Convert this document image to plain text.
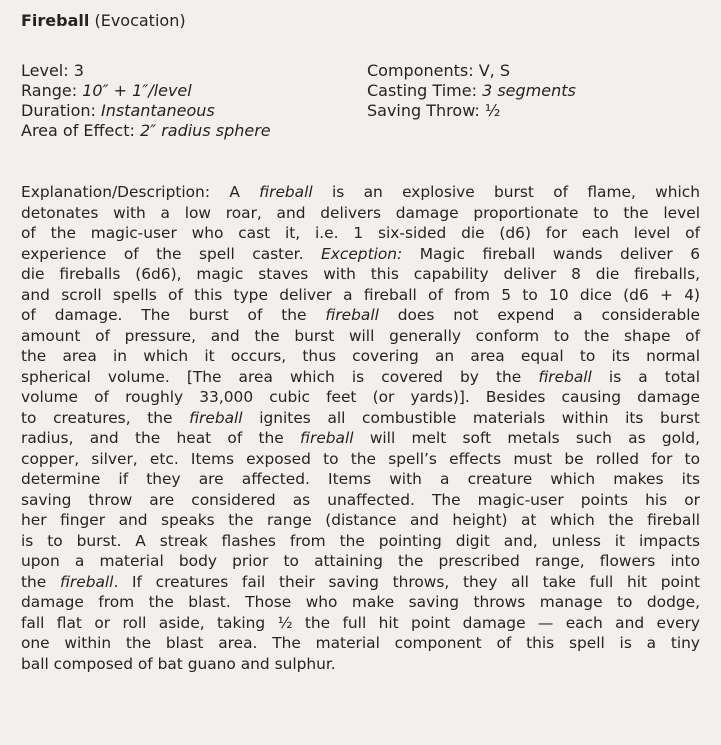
Fireball (Evocation)
Level: 3
Range: 10″ + 1″/level
Duration: Instantaneous
Area of Effect: 2″ radius sphere
Components: V, S
Casting Time: 3 segments
Saving Throw: ½
Explanation/Description: A fireball is an explosive burst of flame, which
detonates with a low roar, and delivers damage proportionate to the level
of the magic-user who cast it, i.e. 1 six-sided die (d6) for each level of
experience of the spell caster. Exception: Magic fireball wands deliver 6
die fireballs (6d6), magic staves with this capability deliver 8 die fireballs,
and scroll spells of this type deliver a fireball of from 5 to 10 dice (d6 + 4)
of damage. The burst of the fireball does not expend a considerable
amount of pressure, and the burst will generally conform to the shape of
the area in which it occurs, thus covering an area equal to its normal
spherical volume. [The area which is covered by the fireball is a total
volume of roughly 33,000 cubic feet (or yards)]. Besides causing damage
to creatures, the fireball ignites all combustible materials within its burst
radius, and the heat of the fireball will melt soft metals such as gold,
copper, silver, etc. Items exposed to the spell’s effects must be rolled for to
determine if they are affected. Items with a creature which makes its
saving throw are considered as unaffected. The magic-user points his or
her finger and speaks the range (distance and height) at which the fireball
is to burst. A streak flashes from the pointing digit and, unless it impacts
upon a material body prior to attaining the prescribed range, flowers into
the fireball. If creatures fail their saving throws, they all take full hit point
damage from the blast. Those who make saving throws manage to dodge,
fall flat or roll aside, taking ½ the full hit point damage — each and every
one within the blast area. The material component of this spell is a tiny
ball composed of bat guano and sulphur.
